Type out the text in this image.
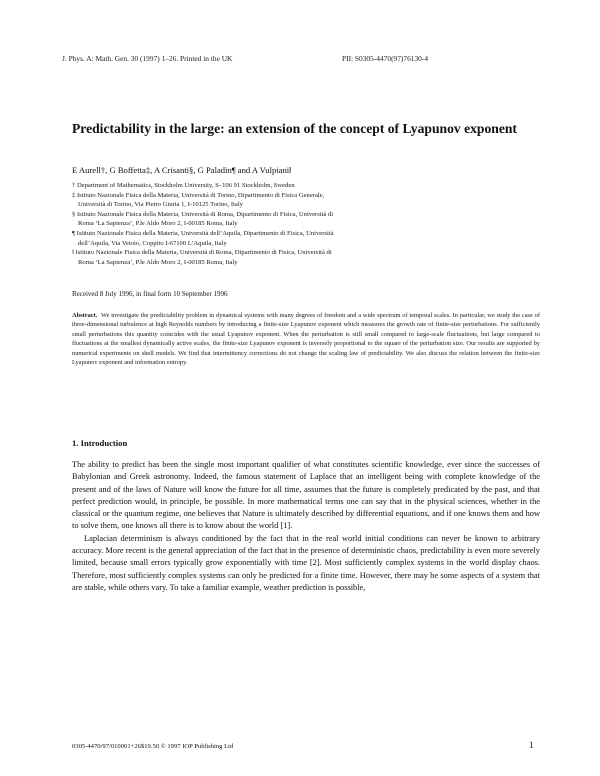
J. Phys. A: Math. Gen. 30 (1997) 1–26. Printed in the UK	PII: S0305-4470(97)76130-4
Predictability in the large: an extension of the concept of Lyapunov exponent
E Aurell†, G Boffetta‡, A Crisanti§, G Paladin¶ and A Vulpiani‖
† Department of Mathematics, Stockholm University, S–106 91 Stockholm, Sweden
‡ Istituto Nazionale Fisica della Materia, Università di Torino, Dipartimento di Fisica Generale,
Università di Torino, Via Pietro Giuria 1, I-10125 Torino, Italy
§ Istituto Nazionale Fisica della Materia, Università di Roma, Dipartimento di Fisica, Università di
Roma ‘La Sapienza’, P.le Aldo Moro 2, I-00185 Roma, Italy
¶ Istituto Nazionale Fisica della Materia, Università dell’Aquila, Dipartimento di Fisica, Università
dell’Aquila, Via Vetoio, Coppito I-67100 L’Aquila, Italy
‖ Istituto Nazionale Fisica della Materia, Università di Roma, Dipartimento di Fisica, Università di
Roma ‘La Sapienza’, P.le Aldo Moro 2, I-00185 Roma, Italy
Received 8 July 1996, in final form 10 September 1996
Abstract. We investigate the predictability problem in dynamical systems with many degrees of freedom and a wide spectrum of temporal scales. In particular, we study the case of three-dimensional turbulence at high Reynolds numbers by introducing a finite-size Lyapunov exponent which measures the growth rate of finite-size perturbations. For sufficiently small perturbations this quantity coincides with the usual Lyapunov exponent. When the perturbation is still small compared to large-scale fluctuations, but large compared to fluctuations at the smallest dynamically active scales, the finite-size Lyapunov exponent is inversely proportional to the square of the perturbation size. Our results are supported by numerical experiments on shell models. We find that intermittency corrections do not change the scaling law of predictability. We also discuss the relation between the finite-size Lyapunov exponent and information entropy.
1. Introduction

The ability to predict has been the single most important qualifier of what constitutes scientific knowledge, ever since the successes of Babylonian and Greek astronomy. Indeed, the famous statement of Laplace that an intelligent being with complete knowledge of the present and of the laws of Nature will know the future for all time, assumes that the future is completely predicated by the past, and that perfect prediction would, in principle, be possible. In more mathematical terms one can say that in the physical sciences, whether in the classical or the quantum regime, one believes that Nature is ultimately described by differential equations, and if one knows them and how to solve them, one knows all there is to know about the world [1].

Laplacian determinism is always conditioned by the fact that in the real world initial conditions can never be known to arbitrary accuracy. More recent is the general appreciation of the fact that in the presence of deterministic chaos, predictability is even more severely limited, because small errors typically grow exponentially with time [2]. Most sufficiently complex systems in the world display chaos. Therefore, most sufficiently complex systems can only be predicted for a finite time. However, there may be some aspects of a system that are stable, while others vary. To take a familiar example, weather prediction is possible,

0305-4470/97/010001+26$19.50 © 1997 IOP Publishing Ltd	1
